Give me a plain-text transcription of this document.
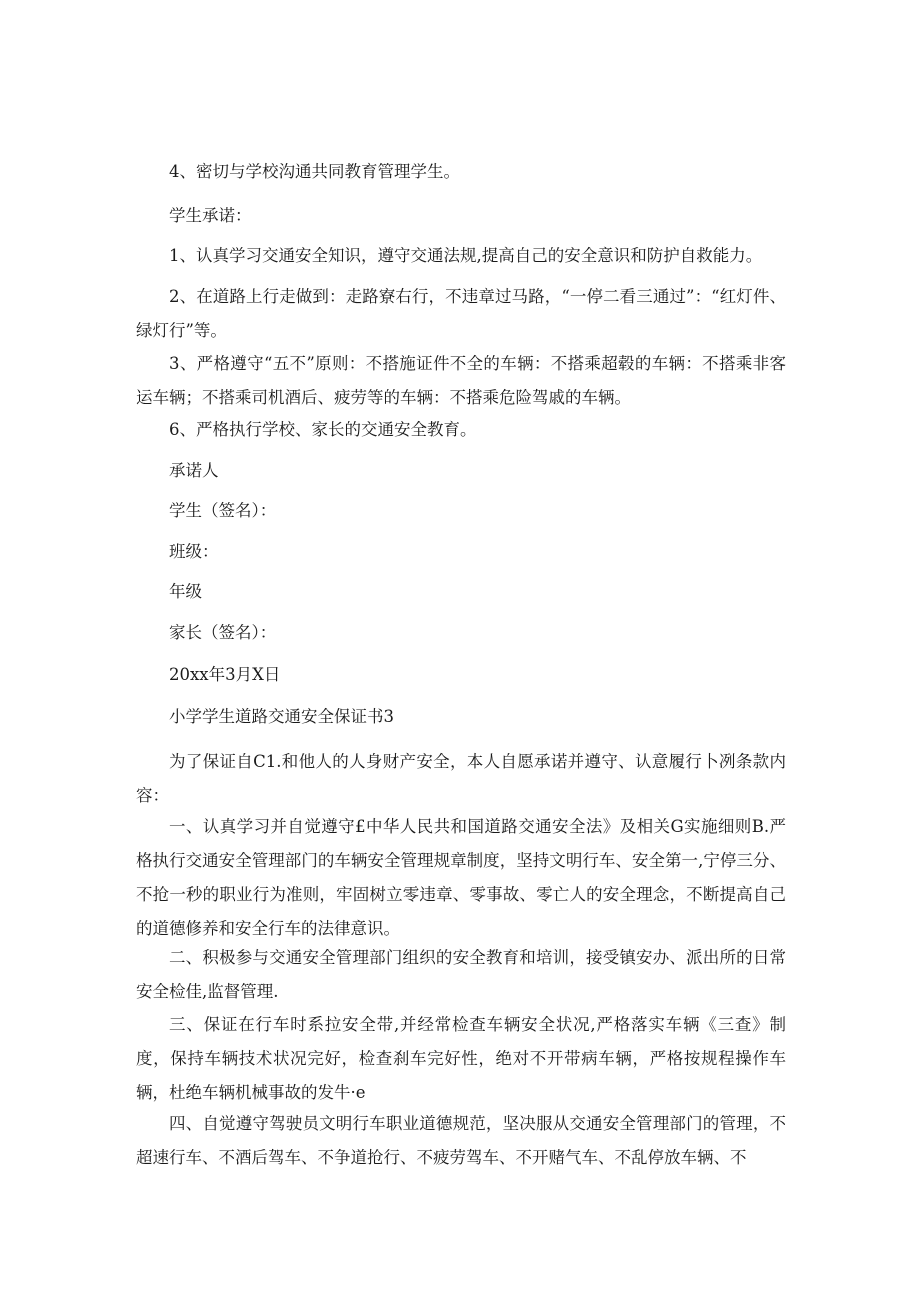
4、密切与学校沟通共同教育管理学生。

学生承诺：

1、认真学习交通安全知识，遵守交通法规,提高自己的安全意识和防护自救能力。

2、在道路上行走做到：走路寮右行，不违章过马路，“一停二看三通过”：“红灯件、绿灯行”等。

3、严格遵守“五不”原则：不搭施证件不全的车辆：不搭乘超毂的车辆：不搭乘非客运车辆；不搭乘司机酒后、疲劳等的车辆：不搭乘危险驾戚的车辆。

6、严格执行学校、家长的交通安全教育。

承诺人

学生（签名）：

班级：

年级

家长（签名）：

20xx年3月X日

小学学生道路交通安全保证书3

为了保证自C1.和他人的人身财产安全，本人自愿承诺并遵守、认意履行卜冽条款内容：

一、认真学习并自觉遵守£中华人民共和国道路交通安全法》及相关G实施细则B.严格执行交通安全管理部门的车辆安全管理规章制度，坚持文明行车、安全第一,宁停三分、不抢一秒的职业行为准则，牢固树立零违章、零事故、零亡人的安全理念，不断提高自己的道德修养和安全行车的法律意识。

二、积极参与交通安全管理部门组织的安全教育和培训，接受镇安办、派出所的日常安全检佳,监督管理.

三、保证在行车时系拉安全带,并经常检查车辆安全状况,严格落实车辆《三查》制度，保持车辆技术状况完好，检查刹车完好性，绝对不开带病车辆，严格按规程操作车辆，杜绝车辆机械事故的发牛·e

四、自觉遵守驾驶员文明行车职业道德规范，坚决服从交通安全管理部门的管理，不超速行车、不酒后驾车、不争道抢行、不疲劳驾车、不开赌气车、不乱停放车辆、不
